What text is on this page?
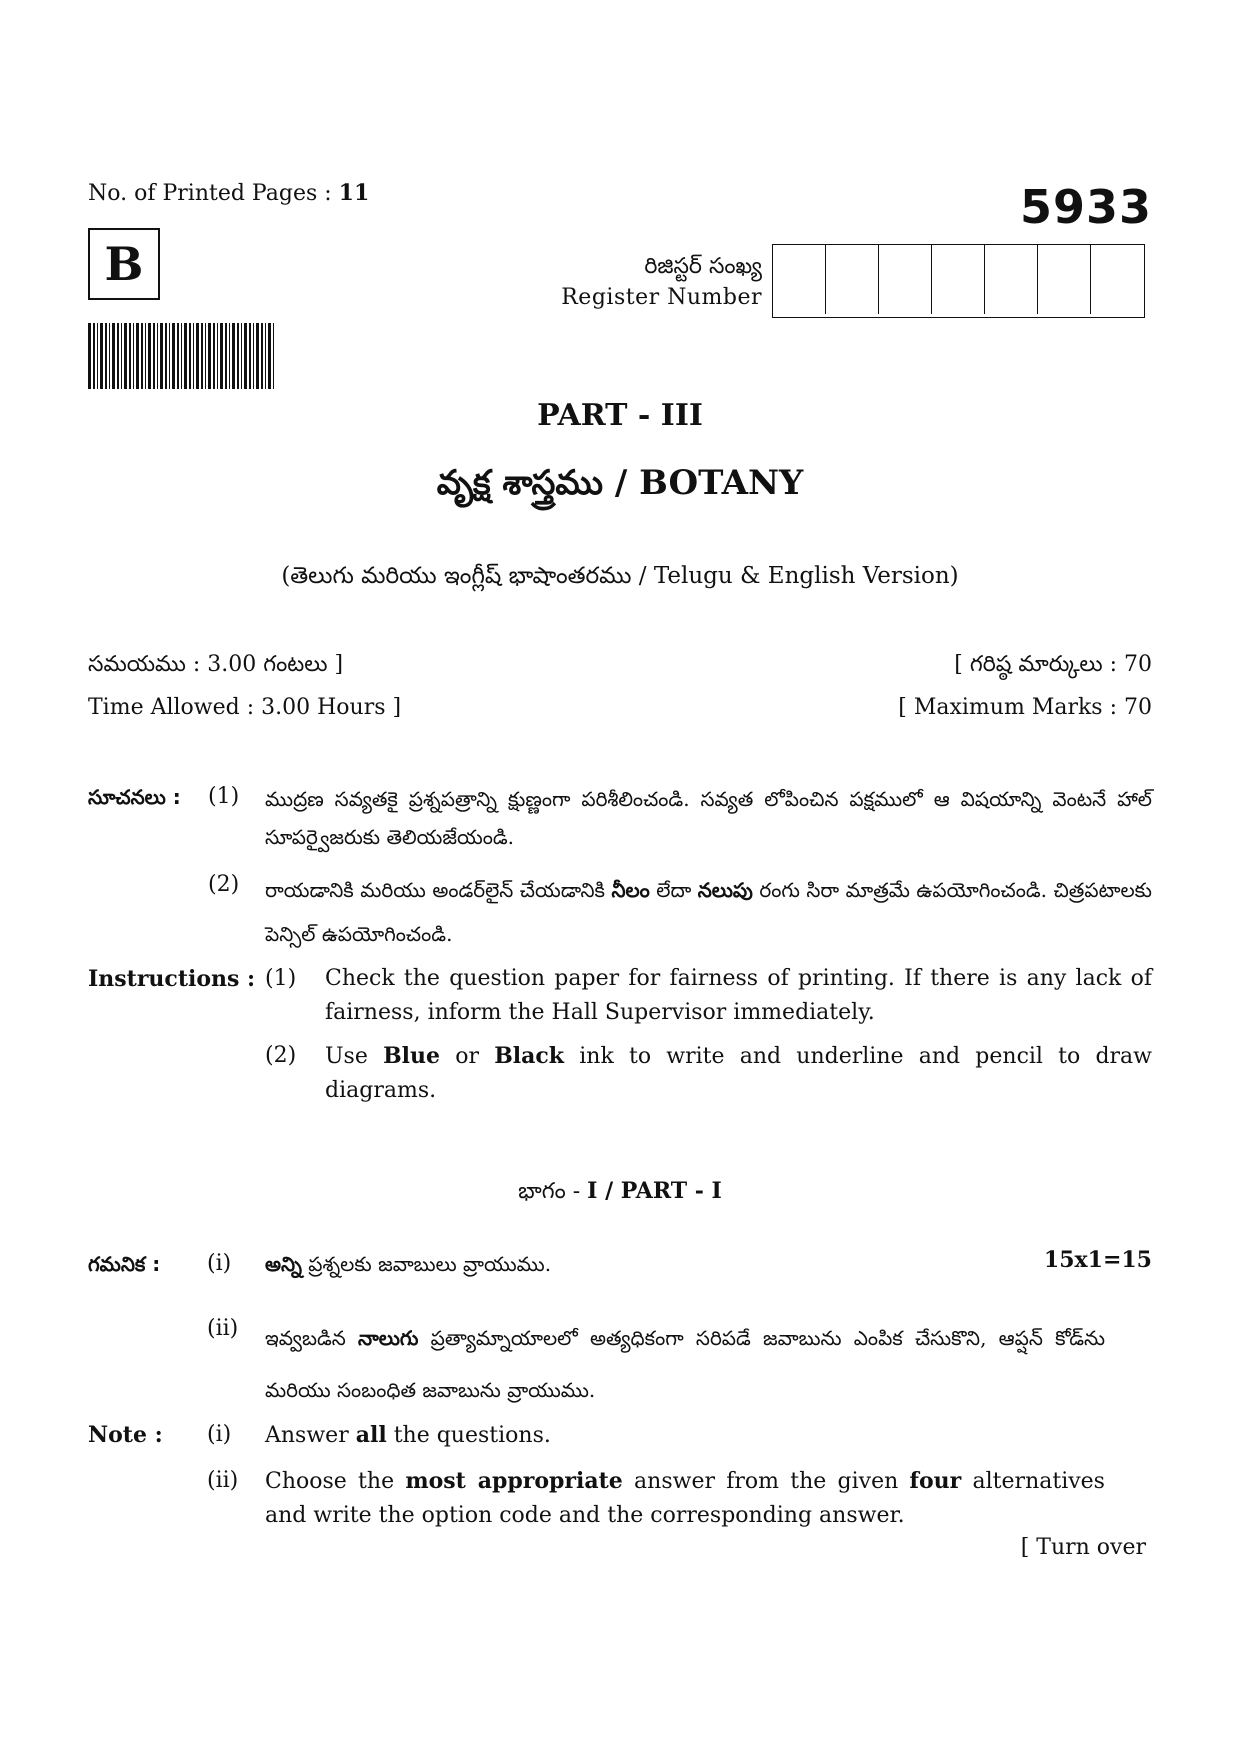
No. of Printed Pages : 11	5933
B	రిజిస్టర్ సంఖ్య
Register Number
PART - III
వృక్ష శాస్త్రము / BOTANY
(తెలుగు మరియు ఇంగ్లీష్ భాషాంతరము / Telugu & English Version)
సమయము : 3.00 గంటలు ]	[ గరిష్ఠ మార్కులు : 70
Time Allowed : 3.00 Hours ]	[ Maximum Marks : 70
సూచనలు : (1) ముద్రణ సవ్యతకై ప్రశ్నపత్రాన్ని క్షుణ్ణంగా పరిశీలించండి. సవ్యత లోపించిన పక్షములో ఆ విషయాన్ని వెంటనే హాల్ సూపర్వైజరుకు తెలియజేయండి.
(2) రాయడానికి మరియు అండర్‌లైన్ చేయడానికి నీలం లేదా నలుపు రంగు సిరా మాత్రమే ఉపయోగించండి. చిత్రపటాలకు పెన్సిల్ ఉపయోగించండి.
Instructions : (1) Check the question paper for fairness of printing. If there is any lack of fairness, inform the Hall Supervisor immediately.
(2) Use Blue or Black ink to write and underline and pencil to draw diagrams.
భాగం - I / PART - I
గమనిక : (i) అన్ని ప్రశ్నలకు జవాబులు వ్రాయుము.	15x1=15
(ii) ఇవ్వబడిన నాలుగు ప్రత్యామ్నాయాలలో అత్యధికంగా సరిపడే జవాబును ఎంపిక చేసుకొని, ఆప్షన్ కోడ్‌ను మరియు సంబంధిత జవాబును వ్రాయుము.
Note : (i) Answer all the questions.
(ii) Choose the most appropriate answer from the given four alternatives and write the option code and the corresponding answer.
[ Turn over
